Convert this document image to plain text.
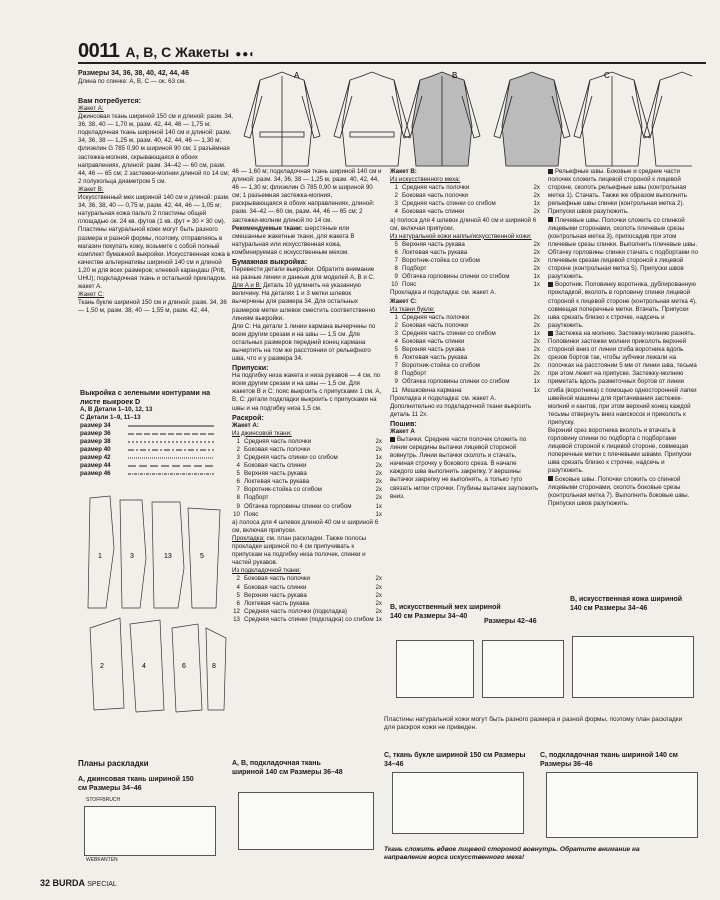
0011 A, B, C Жакеты ●●◐

Размеры 34, 36, 38, 40, 42, 44, 46

Длина по спинке: A, B, C — ок. 63 см.

A	B	C

Вам потребуется:

Жакет A:

Джинсовая ткань шириной 150 см и длиной: разм. 34, 36, 38, 40 — 1,70 м, разм. 42, 44, 46 — 1,75 м; подкладочная ткань шириной 140 см и длиной: разм. 34, 36, 38 — 1,25 м, разм. 40, 42, 44, 46 — 1,30 м; флизелин G 785 0,90 м шириной 90 см; 1 разъёмная застежка-молния, скрывающаяся в обоих направлениях, длиной: разм. 34–42 — 60 см, разм. 44, 46 — 65 см; 2 застежки-молнии длиной по 14 см; 2 полукольца диаметром 5 см.

Жакет B:

Искусственный мех шириной 140 см и длиной: разм. 34, 36, 38, 40 — 0,75 м, разм. 42, 44, 46 — 1,05 м; натуральная кожа пальто 2 пластины общей площадью ок. 24 кв. футов (1 кв. фут = 30 × 30 см). Пластины натуральной кожи могут быть разного размера и разной формы, поэтому, отправляясь в магазин покупать кожу, возьмите с собой полный комплект бумажной выкройки. Искусственная кожа в качестве альтернативы шириной 140 см и длиной 1,20 м для всех размеров; клеевой карандаш (Pritt, UHU); подкладочная ткань и остальной прикладом. жакет A.

Жакет C:

Ткань букле шириной 150 см и длиной: разм. 34, 36 — 1,50 м, разм. 38, 40 — 1,55 м, разм. 42, 44,

Выкройка с зелеными контурами на листе выкроек D

A, B Детали 1–10, 12, 13

C Детали 1–9, 11–13

размер 34
размер 36
размер 38
размер 40
размер 42
размер 44
размер 46
1	3	13	5
2	4	6	8

46 — 1,60 м; подкладочная ткань шириной 140 см и длиной: разм. 34, 36, 38 — 1,25 м, разм. 40, 42, 44, 46 — 1,30 м; флизелин G 785 0,90 м шириной 90 см; 1 разъемная застежка-молния, раскрывающаяся в обоих направлениях, длиной: разм. 34–42 — 60 см, разм. 44, 46 — 65 см; 2 застежки-молнии длиной по 14 см.

Рекомендуемые ткани: шерстяные или смешанные жакетные ткани, для жакета B натуральная или искусственная кожа, комбинируемая с искусственным мехом.

Бумажная выкройка:

Перевести детали выкройки. Обратите внимание на разные линии и данные для моделей A, B и C.

Для A и B: Деталь 10 удлинить на указанную величину. На деталях 1 и 3 метки шлевок вычерчены для размера 34. Для остальных размеров метки шлевок сместить соответственно линиям выкройки.

Для C: На детали 1 линии кармана вычерчены по всем другим срезам и на швы — 1,5 см. Для остальных размеров передний конец кармана вычертить на том же расстоянии от рельефного шва, что и у размера 34.

Припуски:

На подгибку низа жакета и низа рукавов — 4 см, по всем другим срезам и на швы — 1,5 см. Для жакетов B и C: пояс выкроить с припусками 1 см. A, B, C: детали подкладки выкроить с припусками на швы и на подгибку низа 1,5 см.

Раскрой:

Жакет A:

Из джинсовой ткани:

1 Средняя часть полочки	2x
2 Боковая часть полочки	2x
3 Средняя часть спинки со сгибом	1x
4 Боковая часть спинки	2x
5 Верхняя часть рукава	2x
6 Локтевая часть рукава	2x
7 Воротник-стойка со сгибом	2x
8 Подборт	2x
9 Обтачка горловины спинки со сгибом	1x
10 Пояс	1x

a) полоса для 4 шлевок длиной 40 см и шириной 6 см, включая припуски.

Прокладка: см. план раскладки. Также полосы прокладки шириной по 4 см припучивать к припускам на подгибку низа полочек, спинки и частей рукавов.

Из подкладочной ткани:

2 Боковая часть полочки	2x
4 Боковая часть спинки	2x
5 Верхняя часть рукава	2x
6 Локтевая часть рукава	2x
12 Средняя часть полочки (подкладка)	2x
13 Средняя часть спинки (подкладка) со сгибом 1x

Жакет B:

Из искусственного меха:

1 Средняя часть полочки	2x
2 Боковая часть полочки	2x
3 Средняя часть спинки со сгибом	1x
4 Боковая часть спинки	2x

a) полоса для 4 шлевок длиной 40 см и шириной 6 см, включая припуски.

Из натуральной кожи наппы/искусственной кожи:

5 Верхняя часть рукава	2x
6 Локтевая часть рукава	2x
7 Воротник-стойка со сгибом	2x
8 Подборт	2x
9 Обтачка горловины спинки со сгибом	1x
10 Пояс	1x

Прокладка и подкладка: см. жакет A.

Жакет C:

Из ткани букле:

1 Средняя часть полочки	2x
2 Боковая часть полочки	2x
3 Средняя часть спинки со сгибом	1x
4 Боковая часть спинки	2x
5 Верхняя часть рукава	2x
6 Локтевая часть рукава	2x
7 Воротник-стойка со сгибом	2x
8 Подборт	2x
9 Обтачка горловины спинки со сгибом	1x
11 Мешковина кармана	1x

Прокладка и подкладка: см. жакет A. Дополнительно из подкладочной ткани выкроить деталь 11 2x.

Пошив:

Жакет A

Вытачки. Средние части полочек сложить по линии середины вытачки лицевой стороной вовнутрь. Линии вытачки сколоть и стачать, начиная строчку у бокового среза. В начале каждого шва выполнить закрепку. У вершины вытачки закрепку не выполнять, а только туго связать нитки строчки. Глубины вытачек заутюжить вниз.

Рельефные швы. Боковые и средние части полочек сложить лицевой стороной к лицевой стороне, сколоть рельефные швы (контрольная метка 1). Стачать. Также же образом выполнить рельефные швы спинки (контрольная метка 2). Припуски швов разутюжить.

Плечевые швы. Полочки сложить со спинкой лицевыми сторонами, сколоть плечевые срезы (контрольная метка 3), припосадив при этом плечевые срезы спинки. Выполнить плечевые швы. Обтачку горловины спинки стачать с подбортами по плечевым срезам лицевой стороной к лицевой стороне (контрольная метка 5). Припуски швов разутюжить.

Воротник. Половинку воротника, дублированную прокладкой, вколоть в горловину спинки лицевой стороной к лицевой стороне (контрольная метка 4), совмещая поперечные метки. Втачать. Припуски шва срезать близко к строчке, надсечь и разутюжить.

Застежка на молнию. Застежку-молнию разнять. Половинки застежки молнии приколоть верхней стороной вниз от линии сгиба воротника вдоль срезов бортов так, чтобы зубчики лежали на полочках на расстоянии 5 мм от линии шва, тесьма при этом лежит на припуске. Застежку-молнию приметать вдоль разметочных бортов от линии сгиба (воротника) с помощью односторонней лапки швейной машины для притачивания застежек-молний и кантов, при этом верхний конец каждой тесьмы отвернуть вниз наискосок и приколоть к припуску.

Верхний срез воротника вколоть и втачать в горловину спинки по подборта с подбортами лицевой стороной к лицевой стороне, совмещая поперечные метки с плечевыми швами. Припуски шва срезать близко к строчке, надсечь и разутюжить.

Боковые швы. Полочки сложить со спинкой лицевыми сторонами, сколоть боковые срезы (контрольная метка 7). Выполнить боковые швы. Припуски швов разутюжить.

B, искусственный мех шириной 140 см Размеры 34–40
Размеры 42–46
B, искусственная кожа шириной 140 см Размеры 34–46
Пластины натуральной кожи могут быть разного размера и разной формы, поэтому план раскладки для раскроя кожи не приведен.
Планы раскладки
A, джинсовая ткань шириной 150 см Размеры 34–46
A, B, подкладочная ткань шириной 140 см Размеры 36–48
C, ткань букле шириной 150 см Размеры 34–46
C, подкладочная ткань шириной 140 см Размеры 36–46
STOFFBRUCH
WEBKANTEN
Ткань сложить вдвое лицевой стороной вовнутрь. Обратите внимание на направление ворса искусственного меха!
32 BURDA SPECIAL
